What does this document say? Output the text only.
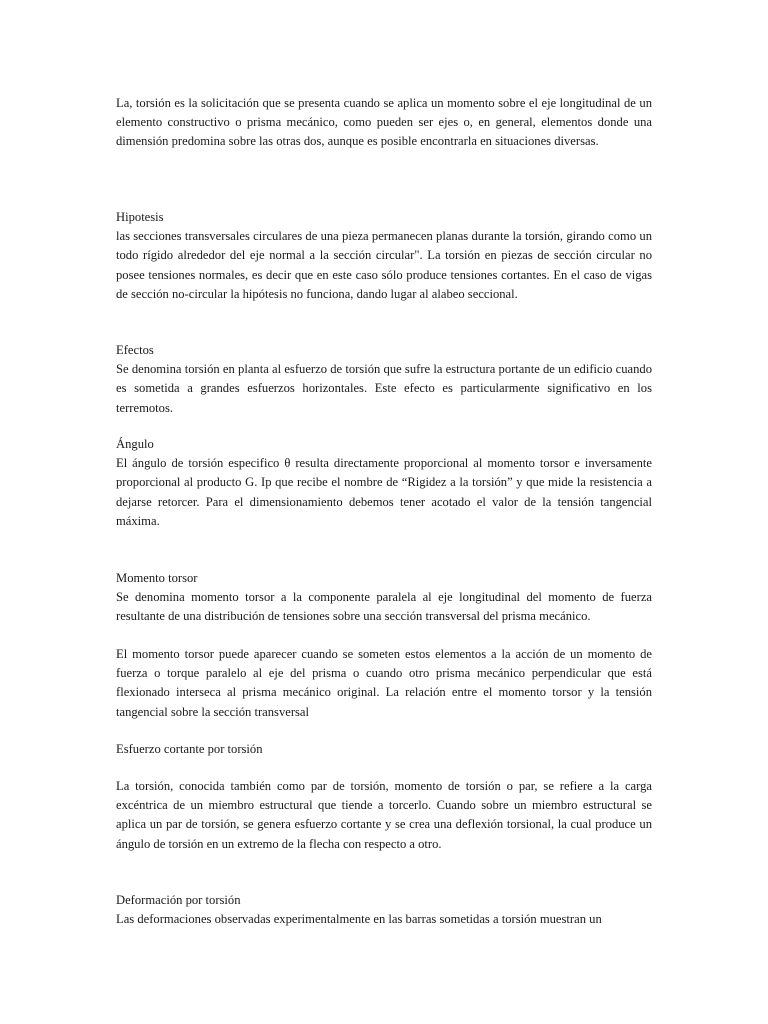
La, torsión es la solicitación que se presenta cuando se aplica un momento sobre el eje longitudinal de un elemento constructivo o prisma mecánico, como pueden ser ejes o, en general, elementos donde una dimensión predomina sobre las otras dos, aunque es posible encontrarla en situaciones diversas.

Hipotesis

las secciones transversales circulares de una pieza permanecen planas durante la torsión, girando como un todo rígido alrededor del eje normal a la sección circular". La torsión en piezas de sección circular no posee tensiones normales, es decir que en este caso sólo produce tensiones cortantes. En el caso de vigas de sección no-circular la hipótesis no funciona, dando lugar al alabeo seccional.

Efectos

Se denomina torsión en planta al esfuerzo de torsión que sufre la estructura portante de un edificio cuando es sometida a grandes esfuerzos horizontales. Este efecto es particularmente significativo en los terremotos.

Ángulo

El ángulo de torsión especifico θ resulta directamente proporcional al momento torsor e inversamente proporcional al producto G. Ip que recibe el nombre de “Rigidez a la torsión” y que mide la resistencia a dejarse retorcer. Para el dimensionamiento debemos tener acotado el valor de la tensión tangencial máxima.

Momento torsor

Se denomina momento torsor a la componente paralela al eje longitudinal del momento de fuerza resultante de una distribución de tensiones sobre una sección transversal del prisma mecánico.

El momento torsor puede aparecer cuando se someten estos elementos a la acción de un momento de fuerza o torque paralelo al eje del prisma o cuando otro prisma mecánico perpendicular que está flexionado interseca al prisma mecánico original. La relación entre el momento torsor y la tensión tangencial sobre la sección transversal

Esfuerzo cortante por torsión

La torsión, conocida también como par de torsión, momento de torsión o par, se refiere a la carga excéntrica de un miembro estructural que tiende a torcerlo. Cuando sobre un miembro estructural se aplica un par de torsión, se genera esfuerzo cortante y se crea una deflexión torsional, la cual produce un ángulo de torsión en un extremo de la flecha con respecto a otro.

Deformación por torsión

Las deformaciones observadas experimentalmente en las barras sometidas a torsión muestran un
